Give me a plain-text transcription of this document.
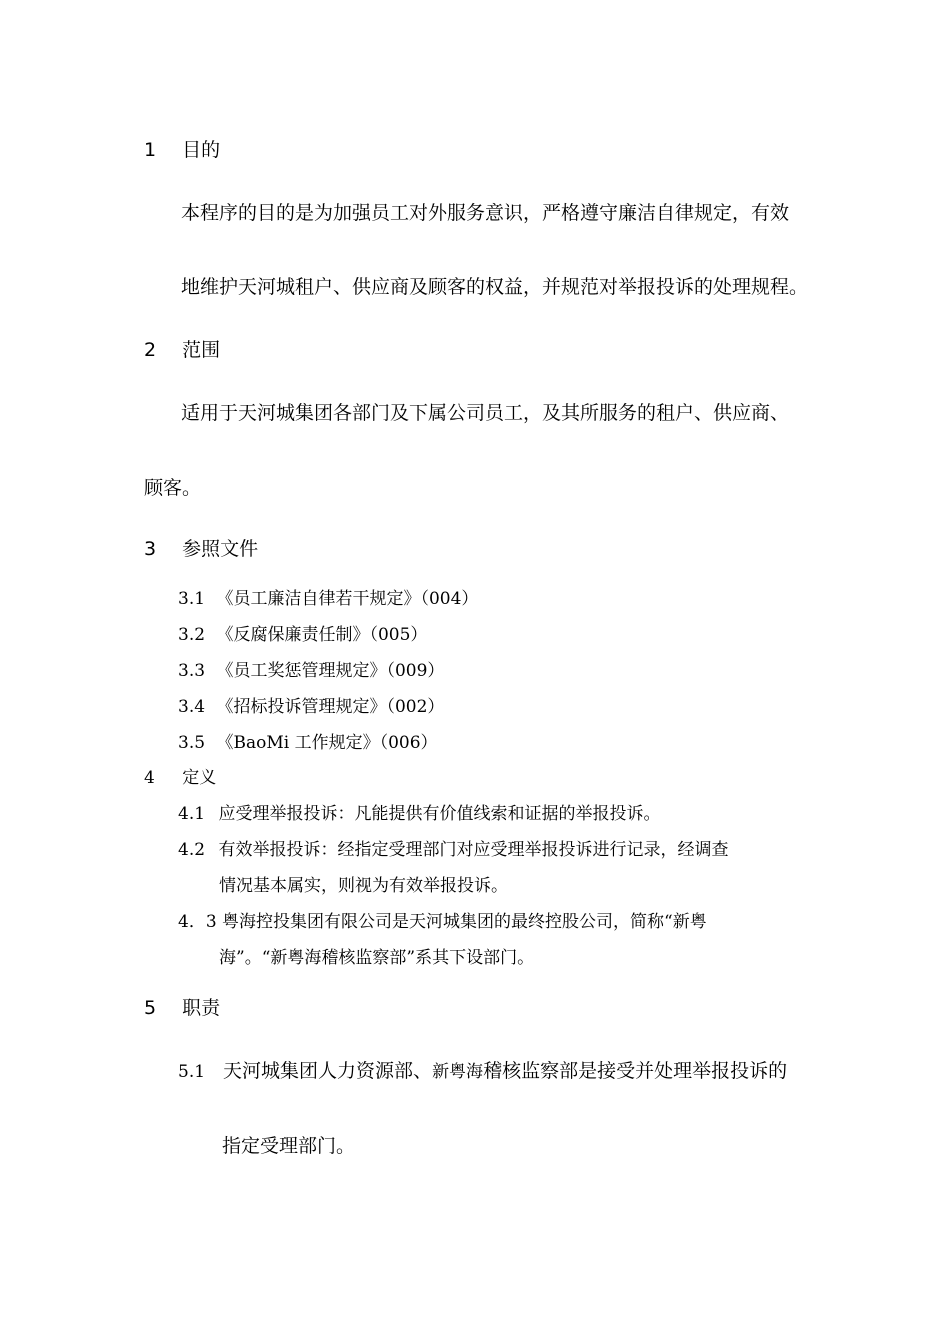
1 目的
本程序的目的是为加强员工对外服务意识，严格遵守廉洁自律规定，有效
地维护天河城租户、供应商及顾客的权益，并规范对举报投诉的处理规程。
2 范围
适用于天河城集团各部门及下属公司员工，及其所服务的租户、供应商、
顾客。
3 参照文件
3.1 《员工廉洁自律若干规定》（004）
3.2 《反腐保廉责任制》（005）
3.3 《员工奖惩管理规定》（009）
3.4 《招标投诉管理规定》（002）
3.5 《BaoMi 工作规定》（006）
4 定义
4.1 应受理举报投诉：凡能提供有价值线索和证据的举报投诉。
4.2 有效举报投诉：经指定受理部门对应受理举报投诉进行记录，经调查
情况基本属实，则视为有效举报投诉。
4．3 粤海控投集团有限公司是天河城集团的最终控股公司，简称“新粤
海”。“新粤海稽核监察部”系其下设部门。
5 职责
5.1 天河城集团人力资源部、新粤海稽核监察部是接受并处理举报投诉的
指定受理部门。
